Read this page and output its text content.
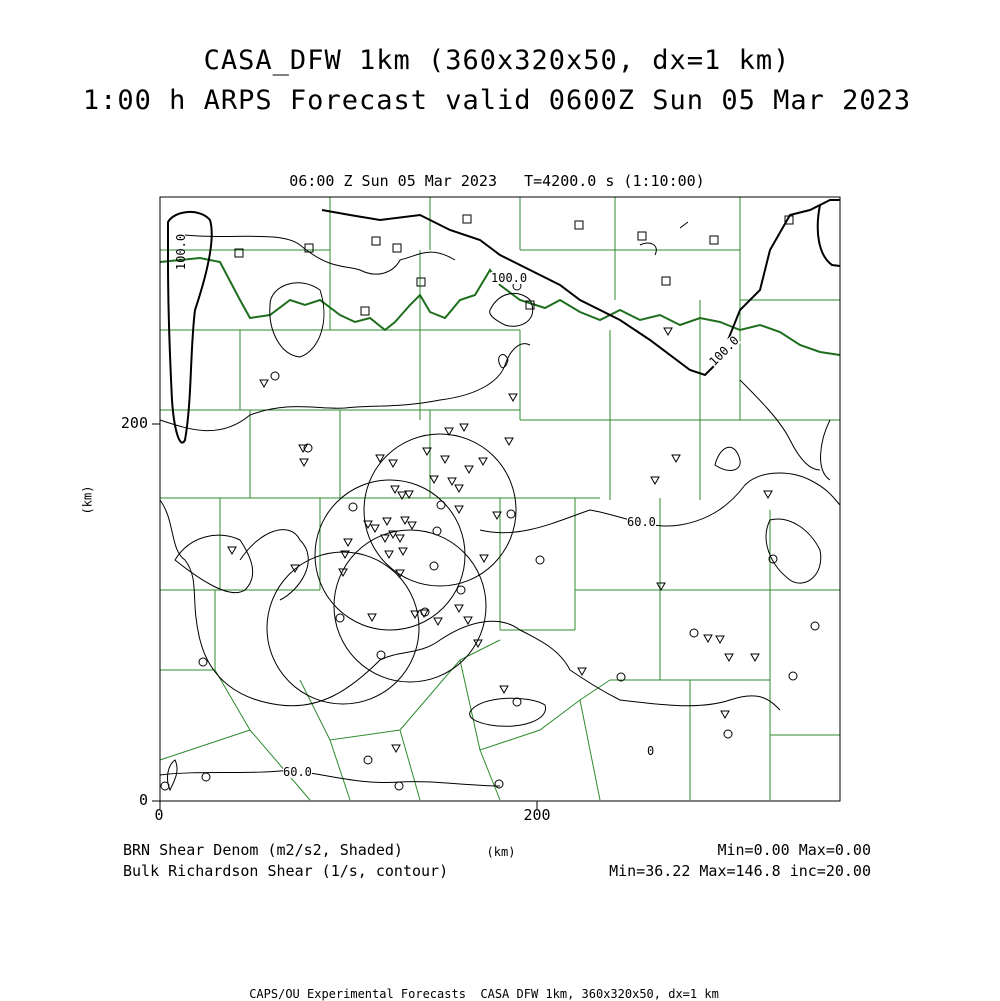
CASA_DFW 1km (360x320x50, dx=1 km)
1:00 h ARPS Forecast valid 0600Z Sun 05 Mar 2023
06:00 Z Sun 05 Mar 2023   T=4200.0 s (1:10:00)
100.0
100.0
100.0
60.0
60.0
0
0	200
0
200
(km)
(km)
BRN Shear Denom (m2/s2, Shaded)
Bulk Richardson Shear (1/s, contour)
Min=0.00 Max=0.00
Min=36.22 Max=146.8 inc=20.00
CAPS/OU Experimental Forecasts  CASA DFW 1km, 360x320x50, dx=1 km
